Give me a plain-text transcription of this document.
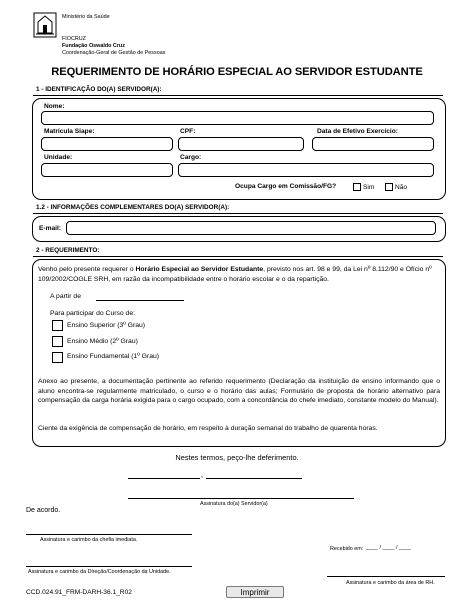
Ministério da Saúde
FIOCRUZ
Fundação Oswaldo Cruz
Coordenação-Geral de Gestão de Pessoas
REQUERIMENTO DE HORÁRIO ESPECIAL AO SERVIDOR ESTUDANTE
1 - IDENTIFICAÇÃO DO(A) SERVIDOR(A):
Nome:
Matrícula Siape:	CPF:	Data de Efetivo Exercício:
Unidade:	Cargo:
Ocupa Cargo em Comissão/FG?	Sim	Não
1.2 - INFORMAÇÕES COMPLEMENTARES DO(A) SERVIDOR(A):
E-mail:
2 - REQUERIMENTO:
Venho pelo presente requerer o Horário Especial ao Servidor Estudante, previsto nos art. 98 e 99, da Lei nº 8.112/90 e Ofício nº 109/2002/COGLE SRH, em razão da incompatibilidade entre o horário escolar e o da repartição.
A partir de
Para participar do Curso de:
Ensino Superior (3º Grau)
Ensino Médio (2º Grau)
Ensino Fundamental (1º Grau)
Anexo ao presente, a documentação pertinente ao referido requerimento (Declaração da instituição de ensino informando que o aluno encontra-se regularmente matriculado, o curso e o horário das aulas; Formulário de proposta de horário alternativo para compensação da carga horária exigida para o cargo ocupado, com a concordância do chefe imediato, constante modelo do Manual).
Ciente da exigência de compensação de horário, em respeito à duração semanal do trabalho de quarenta horas.
Nestes termos, peço-lhe deferimento.
,
Assinatura do(a) Servidor(a)
De acordo.
Assinatura e carimbo da chefia imediata.
Recebido em: ____ / ____ / ____
Assinatura e carimbo da Direção/Coordenação da Unidade.
Assinatura e carimbo da área de RH.
CCD.024.91_FRM-DARH-36.1_R02	Imprimir
